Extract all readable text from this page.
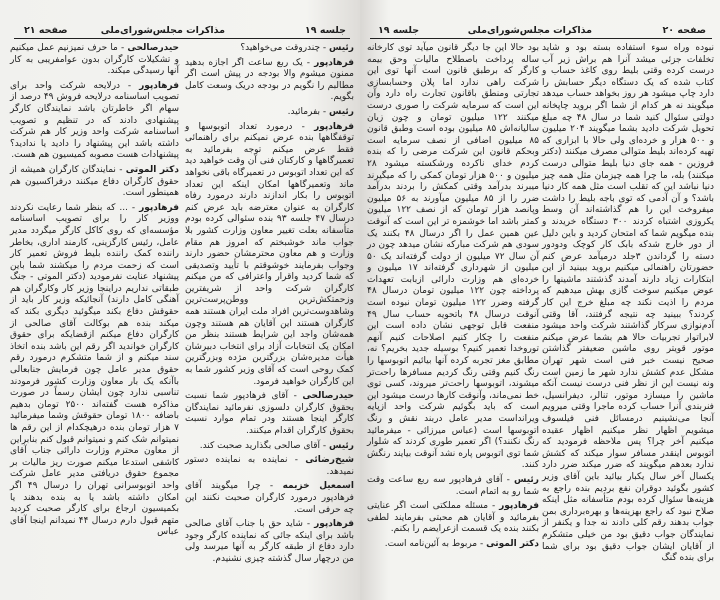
جلسه ۱۹
مذاکرات مجلس‌شورای‌ملی
صفحه ۲۱

رئیس - چندروقت می‌خواهید؟

فرهادپور - یک ربع ساعت اگر اجازه بدهید ممنون میشوم والا بودجه در پیش است اگر مطالبم را نگویم در بودجه دریک وسعت کامل بگویم.

رئیس - بفرمائید.

فرهادپور - درمورد تعداد اتوبوسها و توقفگاهها بنده عرض نمیکنم برای راهنمائی فقط عرض میکنم توجه بفرمائید به تعمیرگاهها و کارکنان فنی آن وقت خواهید دید که این تعداد اتوبوس در تعمیرگاه باقی نخواهد ماند وتعمیرگاهها امکان اینکه این تعداد اتوبوس را بکار اندازند دارند درمورد رفاه کارگران به عنوان معترضه باید عرض کنم درسال ۴۷ جلسه ۹۳ بنده سئوالی کرده بودم متأسفانه بعلت تغییر معاون وزارت کشور بلا جواب ماند خوشبختم که امروز هم مقام وزارت و هم معاون محترمشان حضور دارند وجواب بفرمایند خوشوقتم با تأیید وتصدیقی که شما کردید واقرار واعترافی که من میکنم کارگران شرکت واحد از شریفترین وزحمتکش‌ترین ووطن‌پرست‌ترین وشاهدوست‌ترین افراد ملت ایران هستند همه کارگران هستند این آقایان هم هستند وچون همه‌شان واجد این شرایط هستند بنظر من امکان یک انتخابات آزاد برای انتخاب دبیرشان هیأت مدیره‌شان بزرگترین مژده وبزرگترین کمک روحی است که آقای وزیر کشور شما به این کارگران خواهید فرمود.

حیدرصالحی - آقای فرهادپور شما نسبت بحقوق کارگران دلسوزی نفرمائید نمایندگان کارگر اینجا هستند ودر تمام موارد نسبت بحقوق کارگران اقدام میکنند.

رئیس - آقای صالحی بگذارید صحبت کند.

شیخ‌رضائی - نماینده به نماینده دستور نمیدهد.

اسمعیل خزیمه - چرا میگویند آقای فرهادپور درمورد کارگران صحبت نکنند این چه حرفی است.

فرهادپور - شاید حق با جناب آقای صالحی باشد برای اینکه جائی که نماینده کارگر وجود دارد دفاع از طبقه کارگر به آنها میرسد ولی من درچهار سال گذشته چیزی نشنیدم.

حیدرصالحی - ما حرف نمیزنیم عمل میکنیم و تشکیلات کارگران بدون عوامفریبی به کار آنها رسیدگی میکند.

فرهادپور - درلایحه شرکت واحد برای تصویب اساسنامه درلایحه فروش ۴۹ درصد از سهام اگر خاطرتان باشد نمایندگان کارگر پیشنهادی دادند که در تنظیم و تصویب اساسنامه شرکت واحد وزیر کار هم شرکت داشته باشد این پیشنهاد را دادید یا ندادید؟ پیشنهادات هست مصوبه کمیسیون هم هست.

دکتر الموتی - نمایندگان کارگران همیشه از حقوق کارگران دفاع میکنند درفراکسیون هم همینطور است.

فرهادپور - ... که بنظر شما رعایت نکردند ووزیر کار را برای تصویب اساسنامه مؤسسه‌ای که روی کاکل کارگر میگردد مدیر عامل، رئیس کارگزینی، کارمند اداری، بخاطر راننده کمک راننده بلیط فروش تعمیر کار است که زحمت مردم را میکشند شما باین پیشنهاد عنایت نفرمودید (دکتر الموتی - جنگ طبقاتی نداریم دراینجا وزیر کار وکارگران هم آهنگی کامل دارند) آنجائیکه وزیر کار باید از حقوقش دفاع بکند میگوئید دیگری بکند که میکند بنده هم بوکالت آقای صالحی از کارگران دفاع میکنم ازقضایکه برای حقوق کارگران خواندید اگر رقم این باشد بنده اتخاذ سند میکنم و از شما متشکرم درمورد رقم حقوق مدیر عامل چون فرمایش جنابعالی باآنکه یک بار معاون وزارت کشور فرمودند تناسبی ندارد چون ایشان رسماً در صورت مذاکره هست گفته‌اند ۲۵۰۰ تومان بدهیم باضافه ۱۸۰۰ تومان حقوقش وشما میفرمائید ۷ هزار تومان بنده درهیچکدام از این رقم ها نمیتوانم شک کنم و نمیتوانم قبول کنم بنابراین از معاون محترم وزارت دارائی جناب آقای کاشفی استدعا میکنم صورت ریز مالیات بر مجموع حقوق دریافتی مدیر عامل شرکت واحد اتوبوسرانی تهران را درسال ۴۹ اگر امکان داشته باشد یا به بنده بدهند یا بکمیسیون ارجاع برای کارگر صحبت کردید متهم قبول دارم درسال ۴۴ نمیدانم اینجا آقای عباس

صفحه ۲۰
مذاکرات مجلس‌شورای‌ملی
جلسه ۱۹

نبوده وراه سوء استفاده بسته بود و شاید تخلفات جزئی میشد آنرا هم براش زیر آب درست کرده وقتی بلیط روی کاغذ حساب و کتاب شده که یک دستگاه دیگر حسابش را دارد چاپ میشود هر روز بخواهد حساب میدهد میگویند نه هر کدام از شما اگر بروید چاپخانه دولتی سئوال کنید شما در سال ۴۸ چه مبلغ تحویل شرکت دادید بشما میگویند ۲۰۴ میلیون و ۵۰۰ هزار و خرده‌ای ولی حالا با ابزاری که تهیه کرده‌اند بلیط متوالی مصرف میکنند (دکتر فروزین - همه جای دنیا بلیط متوالی درست میکنند) بله، ما چرا همه چیزمان مثل همه چیز دنیا نباشد این که تقلب است مثل همه کار دنیا باشد؟ و آن آدمی که توی باجه بلیط را داشت میفروخت این را هم گذاشته‌اند آن وسط یکروزی اشتباه کردند ۳۰۰ دستگاه خریدند و بنده میگویم شما که امتحان کردید و باین دلیل از دور خارج شدکه بابک کار کوچک ودودور دسته را گرداندن ۳جلد درمیآمد عرض کنم حضورتان راهنمائی میکنیم بروید ببینید از این ابتکارات زیاد دارند آمدند گذشتند ماشینها را عوض میکنیم سوخت گازی بهش میدهیم که مردم را اذیت نکند چه مبلغ خرج این کار کردند؟ ببینید چه نتیجه گرفتند، آقا وقتی آدم‌نوازی سرکار گذاشتند شرکت واحد میشود لابراتوار تجربیات حالا هم بشما عرض میکنم موتور قویتر روی ماشین ضعیفتر گذاشتن صحیح نیست خبر فنی است شهر تهران مشکل عدم کشش ندارد شهر ما زمین است ونه نیست این از نظر فنی درست نیست آنکه ماشین را میسازد موتور، تنالر، دیفرانسیل، فنربندی آنرا حساب کرده ماجرا وقتی میرویم آنجا می‌نشینیم درمسائل فنی فیلسوف میشویم اظهار نظر میکنیم اظهار عقیده میکنیم آخر چرا؟ پس ملاحظه فرمودید که اتوبوس اینقدر مسافر سوار میکند که کشش ندارد بعدهم میگویند که ضرر میکند ضرر دارد یکسال آخر سال یکبار بیائید باین آقای وزیر کشور بگوئید دوقران نفع بردیم بنده راجع به هزینه‌ها سئوال کرده بودم متأسفانه مثل اینکه صلاح نبود که راجع بهزینه‌ها و بهره‌برداری بمن جواب بدهند رقم کلی دادند نه جدا و یکنفر از نمایندگان جواب دقیق بود من خیلی متشکرم از آقایان ایشان جواب دقیق بود برای شما برای بنده گنگ

بود حالا این جا دیگر قانون میآید توی کارخانه ساله پرداخت باصطلاح مالیات وحق بیمه کارگر که برطبق قانون است آنها توی این شرکت راهی ندارد اما پلان وحسابسازی تجارتی ومنطق باقانون تجارت راه دارد وآن این است که سرمایه شرکت را صوری درست میکنند ۱۲۲ میلیون تومان و چون زیان سالیانه‌اش ۸۵ میلیون بوده است وطبق قانون ۸۵ میلیون اضافی از نصف سرمایه است وبحکم قانون این شرکت مرضی را که بنده کردم خدای ناکرده ورشکسته میشود ۲۸ میلیون و ۵۰۰ هزار تومان کمکی را که میگیرند میبرند بدرآمد وقتی کمکش را بردند بدرآمد ضرر را از ۸۵ میلیون میآورند به ۵۶ میلیون وپانصد هزار تومان که از نصف ۱۲۲ میلیون کمتر باشد اما خوشمزه تر این است که آنوقت عین همین عمل را اگر درسال ۴۸ بکنند یک سودی هم شرکت مبارکه نشان میدهد چون در آن سال ۷۲ میلیون از دولت گرفته‌اند یک ۵۰ میلیون از شهرداری گرفته‌اند ۱۷ میلیون و خرده‌ای هم وزارت دارائی ازبابت تعهدات پرداخته چون ۱۲۲ میلیون تومان درسال ۴۸ گرفته وضرر ۱۲۲ میلیون تومان نبوده است آنوقت درسال ۴۸ باتحویه حساب سال ۴۹ منفعت قابل توجهی نشان داده است این منفعت را چکار کنیم اصلاحات کنیم آنهم توروخدا تعمیر کنیم؟ بوسیله جدید بخریم؟ نه، مطابق مغز تجربه کرده آنها بیائیم اتوبوسها را رنگ کنیم وقتی رنگ کردیم مسافرها راحت‌تر میشوند، اتوبوسها راحت‌تر میروند، کسی توی خط نمی‌ماند، وآنوقت کارها درست میشود این است که باید بگوئیم شرکت واحد ازپایه ویرانداست مدیر عامل دربند نقش و رنگ اتوبوسها است (عباس میرزائی - میفرمائید رنگ نکنند؟) اگر تعمیر طوری کردند که شلوار شما توی اتوبوس پاره نشد آنوقت بیایند رنگش کنند.

رئیس - آقای فرهادپور سه ربع ساعت وقت شما رو به اتمام است.

فرهادپور - مسئله مملکتی است اگر عنایتی بفرمائید و آقایان هم محبتی بفرمایند لطفی بکنند بنده یک قسمت ازعرایضم را بکنم.

دکتر الموتی - مربوط به آئین‌نامه است.
